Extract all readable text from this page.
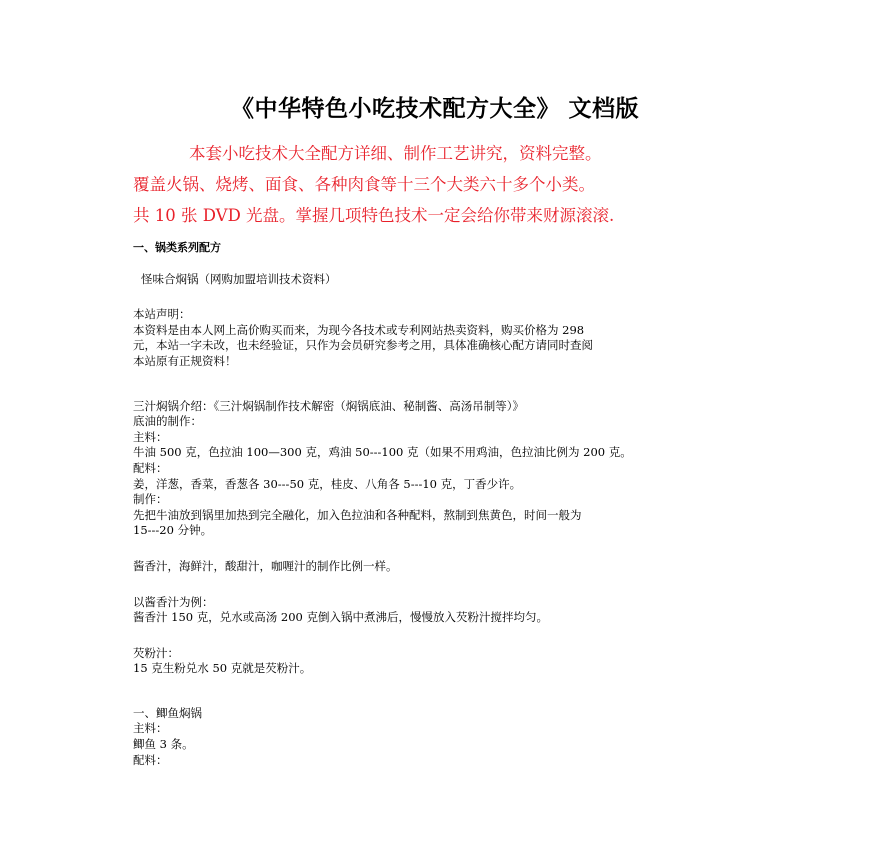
《中华特色小吃技术配方大全》 文档版
本套小吃技术大全配方详细、制作工艺讲究，资料完整。
覆盖火锅、烧烤、面食、各种肉食等十三个大类六十多个小类。
共 10 张 DVD 光盘。掌握几项特色技术一定会给你带来财源滚滚.

一、锅类系列配方

怪味合焖锅（网购加盟培训技术资料）

本站声明：

本资料是由本人网上高价购买而来，为现今各技术或专利网站热卖资料，购买价格为 298

元，本站一字未改，也未经验证，只作为会员研究参考之用，具体准确核心配方请同时查阅

本站原有正规资料！

三汁焖锅介绍：《三汁焖锅制作技术解密（焖锅底油、秘制酱、高汤吊制等）》

底油的制作：

主料：

牛油 500 克，色拉油 100—300 克，鸡油 50---100 克（如果不用鸡油，色拉油比例为 200 克。

配料：

姜，洋葱，香菜，香葱各 30---50 克，桂皮、八角各 5---10 克，丁香少许。

制作：

先把牛油放到锅里加热到完全融化，加入色拉油和各种配料，熬制到焦黄色，时间一般为

15---20 分钟。

酱香汁，海鲜汁，酸甜汁，咖喱汁的制作比例一样。

以酱香汁为例：

酱香汁 150 克，兑水或高汤 200 克倒入锅中煮沸后，慢慢放入芡粉汁搅拌均匀。

芡粉汁：

15 克生粉兑水 50 克就是芡粉汁。

一、鲫鱼焖锅

主料：

鲫鱼 3 条。

配料：
